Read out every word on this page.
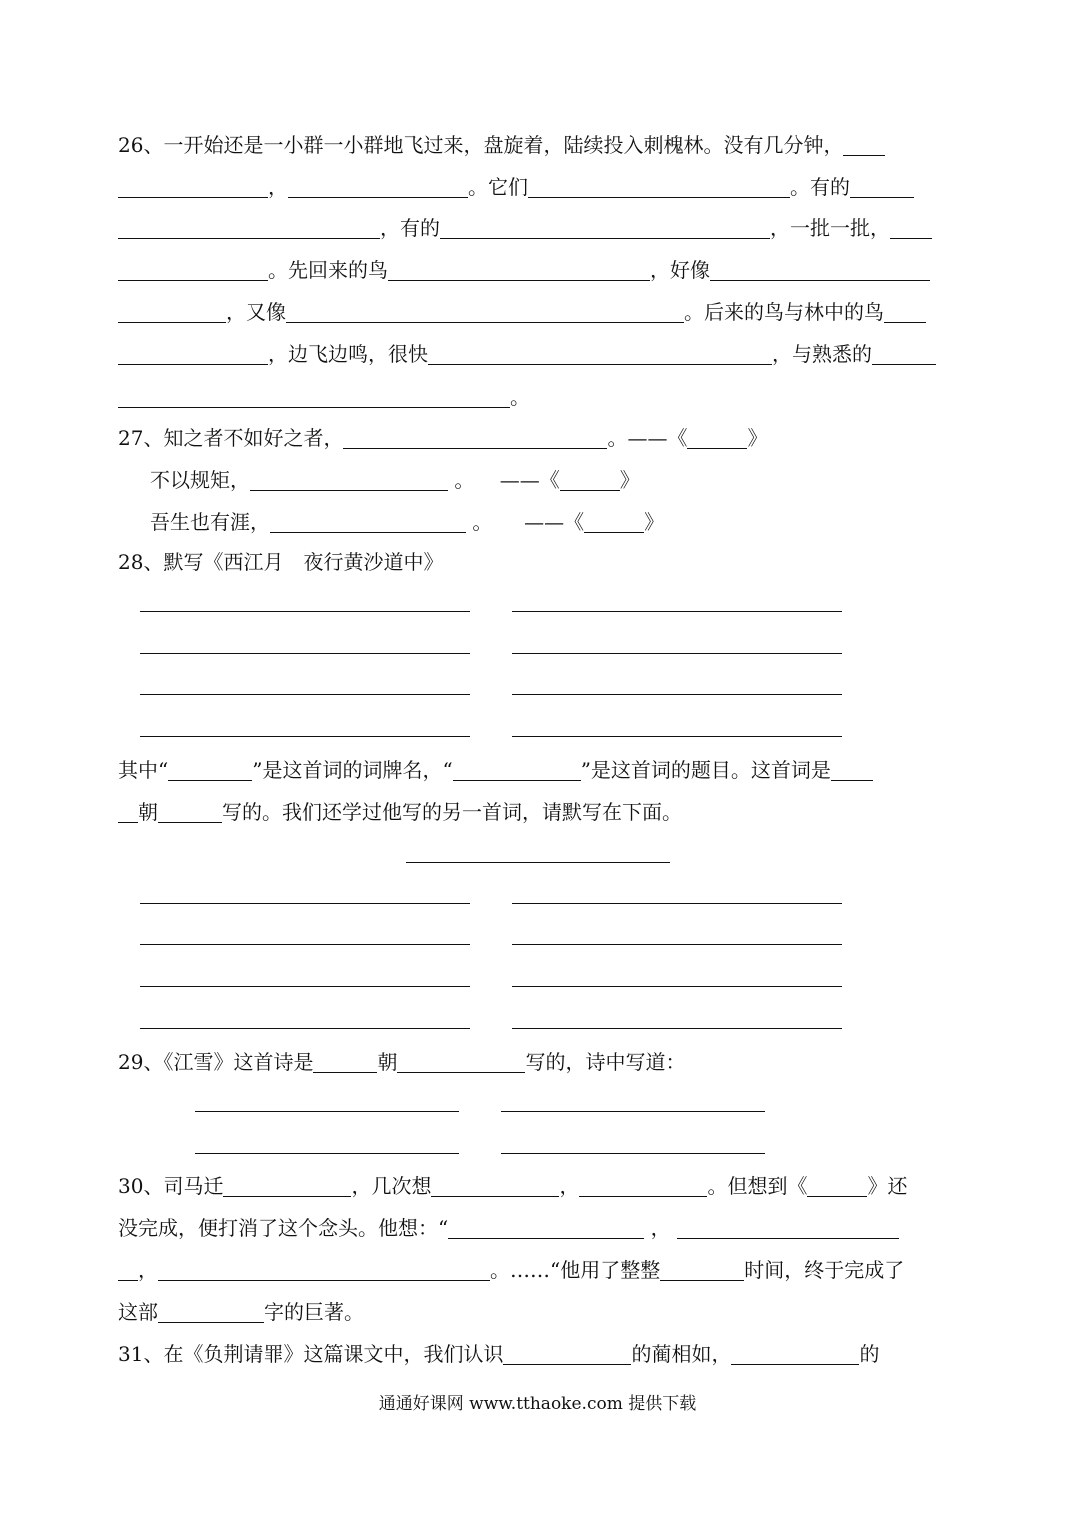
26、一开始还是一小群一小群地飞过来，盘旋着，陆续投入刺槐林。没有几分钟，
，	。它们	。有的
，有的	，一批一批，
。先回来的鸟	，好像
，又像	。后来的鸟与林中的鸟
，边飞边鸣，很快	，与熟悉的
。
27、知之者不如好之者，	。——《	》
不以规矩，	。 ——《	》
吾生也有涯，	。 ——《	》
28、默写《西江月　夜行黄沙道中》
其中“	”是这首词的词牌名，“	”是这首词的题目。这首词是
朝	写的。我们还学过他写的另一首词，请默写在下面。
29、《江雪》这首诗是	朝	写的，诗中写道：
30、司马迁	，几次想	，	。但想到《	》还
没完成，便打消了这个念头。他想：“	，
，	。……“他用了整整	时间，终于完成了
这部	字的巨著。
31、在《负荆请罪》这篇课文中，我们认识	的蔺相如，	的
通通好课网 www.tthaoke.com 提供下载
